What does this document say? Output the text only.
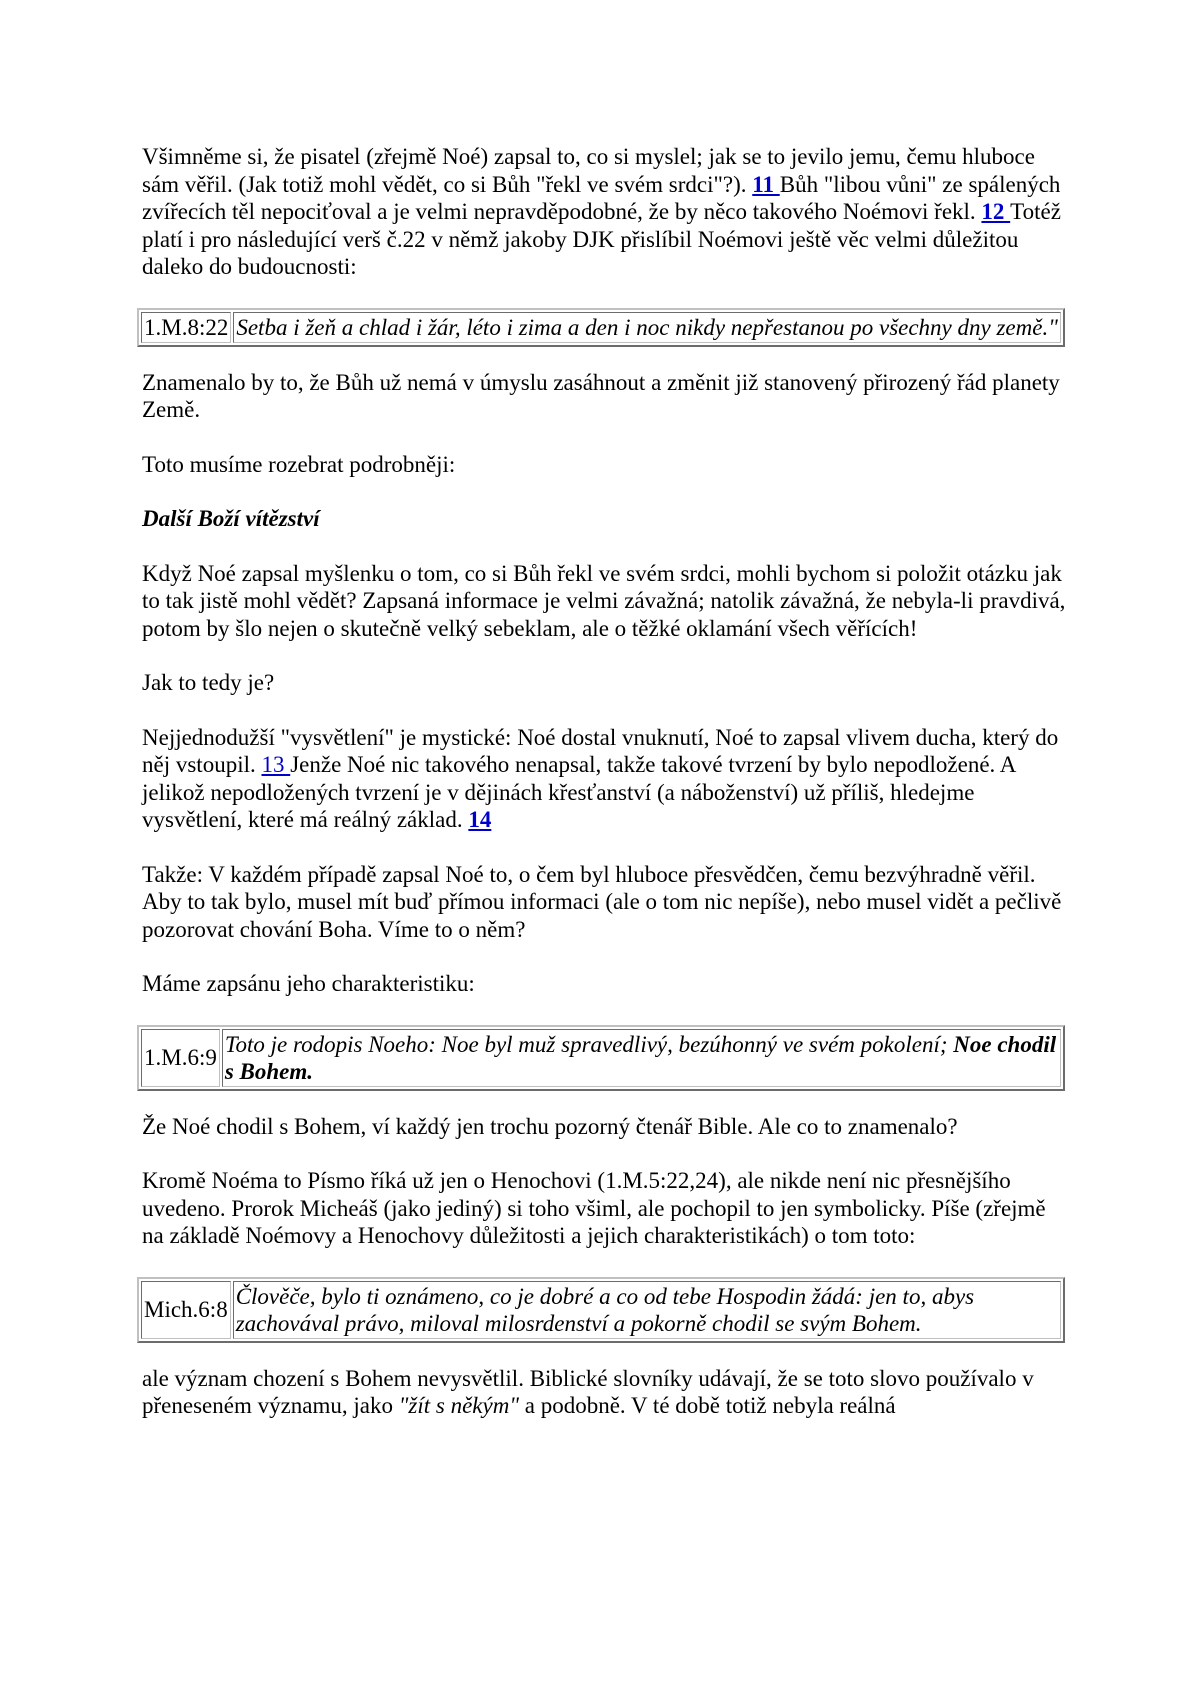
Všimněme si, že pisatel (zřejmě Noé) zapsal to, co si myslel; jak se to jevilo jemu, čemu hluboce sám věřil. (Jak totiž mohl vědět, co si Bůh "řekl ve svém srdci"?). 11 Bůh "libou vůni" ze spálených zvířecích těl nepociťoval a je velmi nepravděpodobné, že by něco takového Noémovi řekl. 12 Totéž platí i pro následující verš č.22 v němž jakoby DJK přislíbil Noémovi ještě věc velmi důležitou daleko do budoucnosti:

1.M.8:22	Setba i žeň a chlad i žár, léto i zima a den i noc nikdy nepřestanou po všechny dny země."

Znamenalo by to, že Bůh už nemá v úmyslu zasáhnout a změnit již stanovený přirozený řád planety Země.

Toto musíme rozebrat podrobněji:

Další Boží vítězství

Když Noé zapsal myšlenku o tom, co si Bůh řekl ve svém srdci, mohli bychom si položit otázku jak to tak jistě mohl vědět? Zapsaná informace je velmi závažná; natolik závažná, že nebyla-li pravdivá, potom by šlo nejen o skutečně velký sebeklam, ale o těžké oklamání všech věřících!

Jak to tedy je?

Nejjednodužší "vysvětlení" je mystické: Noé dostal vnuknutí, Noé to zapsal vlivem ducha, který do něj vstoupil. 13 Jenže Noé nic takového nenapsal, takže takové tvrzení by bylo nepodložené. A jelikož nepodložených tvrzení je v dějinách křesťanství (a náboženství) už příliš, hledejme vysvětlení, které má reálný základ. 14

Takže: V každém případě zapsal Noé to, o čem byl hluboce přesvědčen, čemu bezvýhradně věřil. Aby to tak bylo, musel mít buď přímou informaci (ale o tom nic nepíše), nebo musel vidět a pečlivě pozorovat chování Boha. Víme to o něm?

Máme zapsánu jeho charakteristiku:

1.M.6:9	Toto je rodopis Noeho: Noe byl muž spravedlivý, bezúhonný ve svém pokolení; Noe chodil s Bohem.

Že Noé chodil s Bohem, ví každý jen trochu pozorný čtenář Bible. Ale co to znamenalo?

Kromě Noéma to Písmo říká už jen o Henochovi (1.M.5:22,24), ale nikde není nic přesnějšího uvedeno. Prorok Micheáš (jako jediný) si toho všiml, ale pochopil to jen symbolicky. Píše (zřejmě na základě Noémovy a Henochovy důležitosti a jejich charakteristikách) o tom toto:

Mich.6:8	Člověče, bylo ti oznámeno, co je dobré a co od tebe Hospodin žádá: jen to, abys zachovával právo, miloval milosrdenství a pokorně chodil se svým Bohem.

ale význam chození s Bohem nevysvětlil. Biblické slovníky udávají, že se toto slovo používalo v přeneseném významu, jako "žít s někým" a podobně. V té době totiž nebyla reálná
